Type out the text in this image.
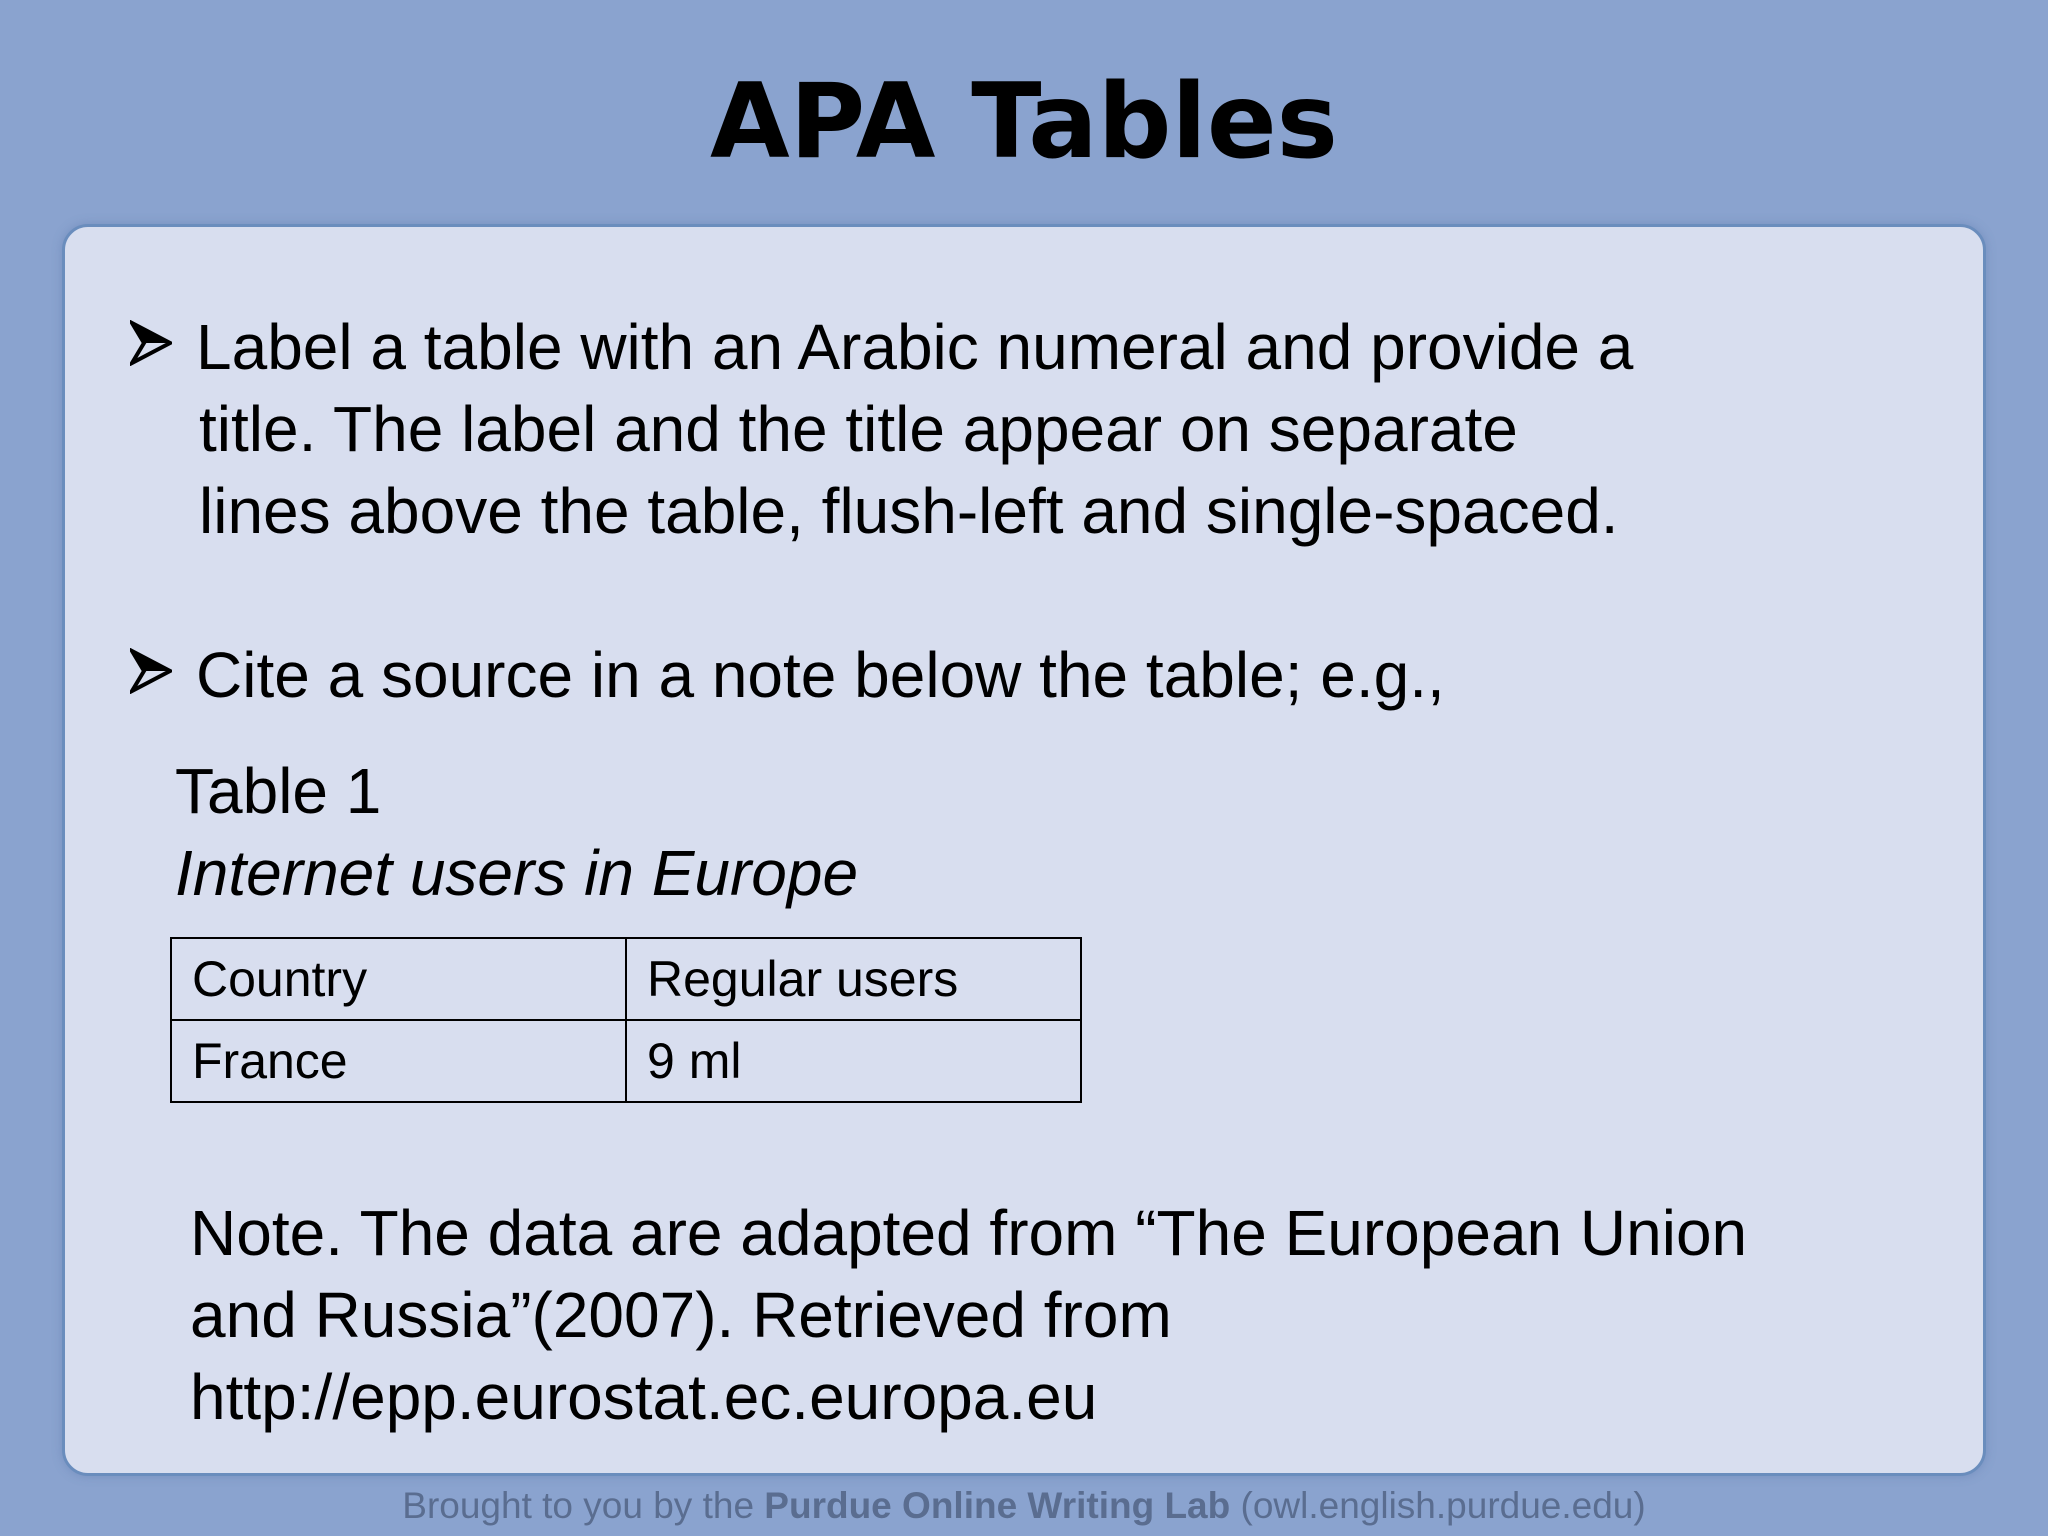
APA Tables
Label a table with an Arabic numeral and provide a
title. The label and the title appear on separate
lines above the table, flush-left and single-spaced.
Cite a source in a note below the table; e.g.,
Table 1
Internet users in Europe
Country	Regular users
France	9 ml
Note. The data are adapted from “The European Union
and Russia”(2007). Retrieved from
http://epp.eurostat.ec.europa.eu
Brought to you by the Purdue Online Writing Lab (owl.english.purdue.edu)
